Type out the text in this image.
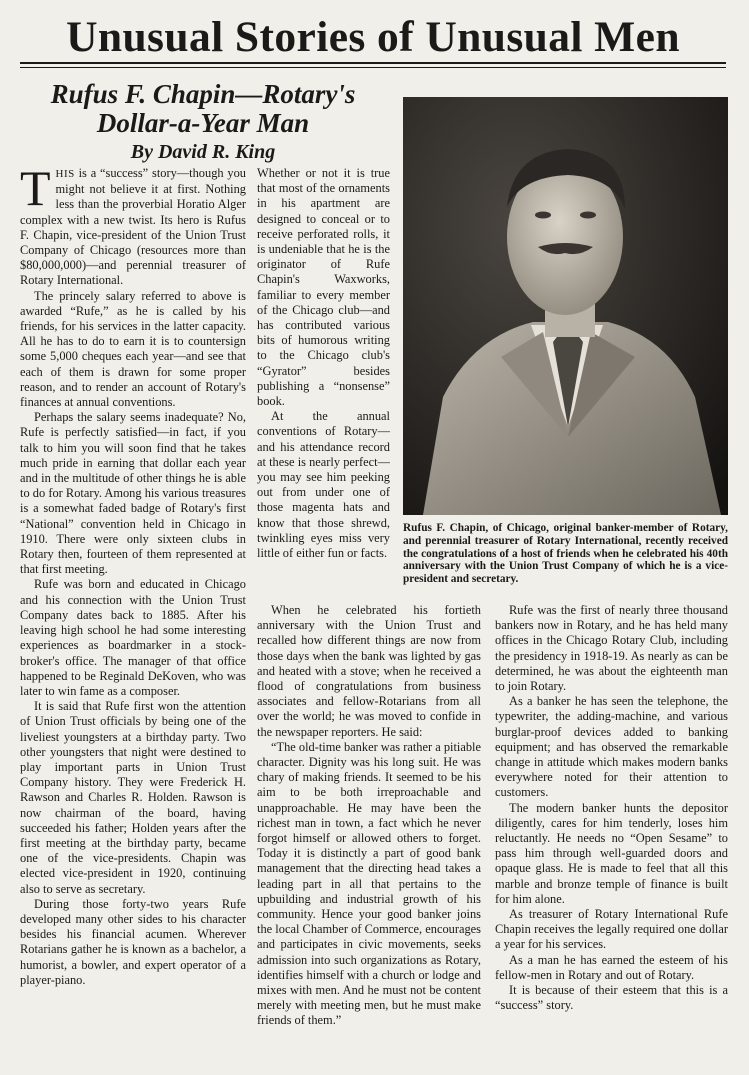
Unusual Stories of Unusual Men
Rufus F. Chapin—Rotary's
Dollar-a-Year Man
By David R. King

THIS is a “success” story—though you might not believe it at first. Nothing less than the proverbial Horatio Alger complex with a new twist. Its hero is Rufus F. Chapin, vice-president of the Union Trust Company of Chicago (resources more than $80,000,000)—and perennial treasurer of Rotary International.

The princely salary referred to above is awarded “Rufe,” as he is called by his friends, for his services in the latter capacity. All he has to do to earn it is to countersign some 5,000 cheques each year—and see that each of them is drawn for some proper reason, and to render an account of Rotary's finances at annual conventions.

Perhaps the salary seems inadequate? No, Rufe is perfectly satisfied—in fact, if you talk to him you will soon find that he takes much pride in earning that dollar each year and in the multitude of other things he is able to do for Rotary. Among his various treasures is a somewhat faded badge of Rotary's first “National” convention held in Chicago in 1910. There were only sixteen clubs in Rotary then, fourteen of them represented at that first meeting.

Rufe was born and educated in Chicago and his connection with the Union Trust Company dates back to 1885. After his leaving high school he had some interesting experiences as boardmarker in a stock-broker's office. The manager of that office happened to be Reginald DeKoven, who was later to win fame as a composer.

It is said that Rufe first won the attention of Union Trust officials by being one of the liveliest youngsters at a birthday party. Two other youngsters that night were destined to play important parts in Union Trust Company history. They were Frederick H. Rawson and Charles R. Holden. Rawson is now chairman of the board, having succeeded his father; Holden years after the first meeting at the birthday party, became one of the vice-presidents. Chapin was elected vice-president in 1920, continuing also to serve as secretary.

During those forty-two years Rufe developed many other sides to his character besides his financial acumen. Wherever Rotarians gather he is known as a bachelor, a humorist, a bowler, and expert operator of a player-piano.

Whether or not it is true that most of the ornaments in his apartment are designed to conceal or to receive perforated rolls, it is undeniable that he is the originator of Rufe Chapin's Waxworks, familiar to every member of the Chicago club—and has contributed various bits of humorous writing to the Chicago club's “Gyrator” besides publishing a “nonsense” book.

At the annual conventions of Rotary—and his attendance record at these is nearly perfect—you may see him peeking out from under one of those magenta hats and know that those shrewd, twinkling eyes miss very little of either fun or facts.

Rufus F. Chapin, of Chicago, original banker-member of Rotary, and perennial treasurer of Rotary International, recently received the congratulations of a host of friends when he celebrated his 40th anniversary with the Union Trust Company of which he is a vice-president and secretary.

When he celebrated his fortieth anniversary with the Union Trust and recalled how different things are now from those days when the bank was lighted by gas and heated with a stove; when he received a flood of congratulations from business associates and fellow-Rotarians from all over the world; he was moved to confide in the newspaper reporters. He said:

“The old-time banker was rather a pitiable character. Dignity was his long suit. He was chary of making friends. It seemed to be his aim to be both irreproachable and unapproachable. He may have been the richest man in town, a fact which he never forgot himself or allowed others to forget. Today it is distinctly a part of good bank management that the directing head takes a leading part in all that pertains to the upbuilding and industrial growth of his community. Hence your good banker joins the local Chamber of Commerce, encourages and participates in civic movements, seeks admission into such organizations as Rotary, identifies himself with a church or lodge and mixes with men. And he must not be content merely with meeting men, but he must make friends of them.”

Rufe was the first of nearly three thousand bankers now in Rotary, and he has held many offices in the Chicago Rotary Club, including the presidency in 1918-19. As nearly as can be determined, he was about the eighteenth man to join Rotary.

As a banker he has seen the telephone, the typewriter, the adding-machine, and various burglar-proof devices added to banking equipment; and has observed the remarkable change in attitude which makes modern banks everywhere noted for their attention to customers.

The modern banker hunts the depositor diligently, cares for him tenderly, loses him reluctantly. He needs no “Open Sesame” to pass him through well-guarded doors and opaque glass. He is made to feel that all this marble and bronze temple of finance is built for him alone.

As treasurer of Rotary International Rufe Chapin receives the legally required one dollar a year for his services.

As a man he has earned the esteem of his fellow-men in Rotary and out of Rotary.

It is because of their esteem that this is a “success” story.
